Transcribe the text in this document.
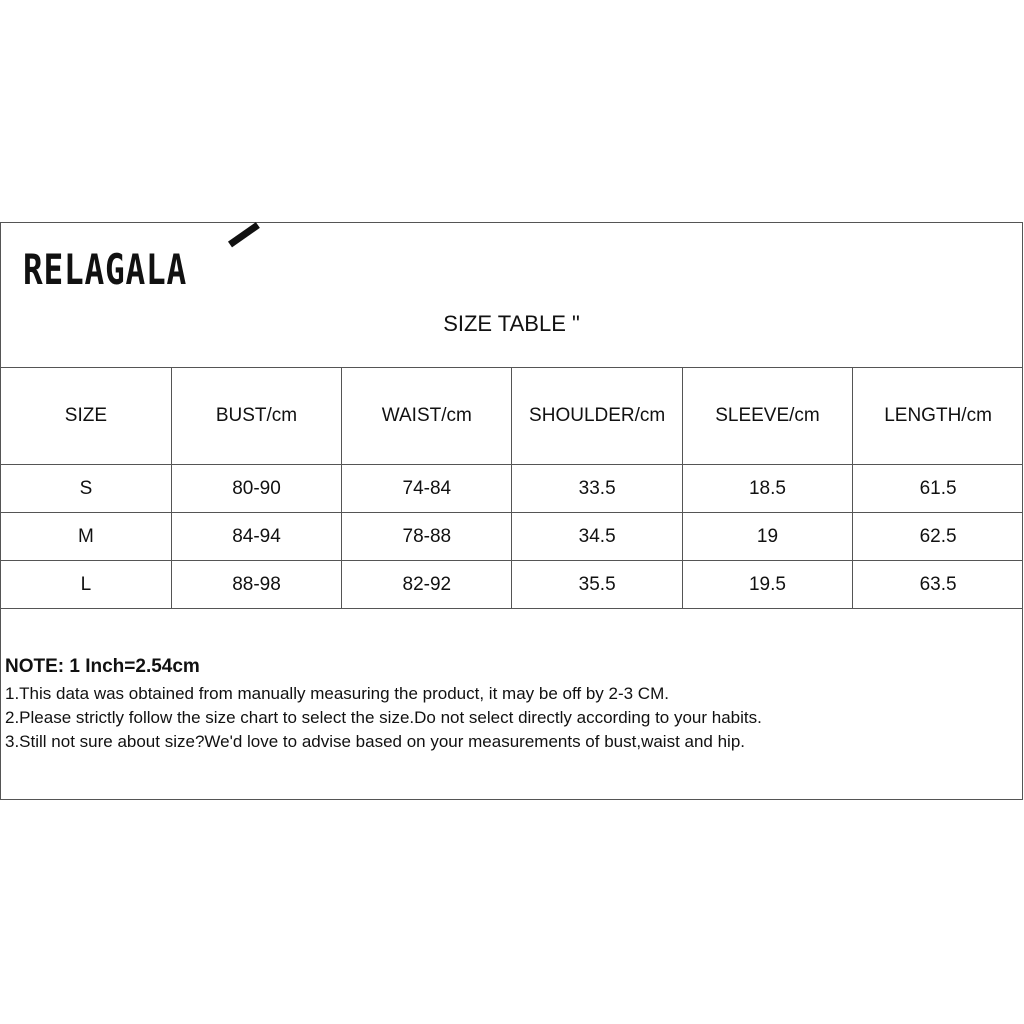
RELAGALA
SIZE TABLE "
SIZE	BUST/cm	WAIST/cm	SHOULDER/cm	SLEEVE/cm	LENGTH/cm
S	80-90	74-84	33.5	18.5	61.5
M	84-94	78-88	34.5	19	62.5
L	88-98	82-92	35.5	19.5	63.5

NOTE: 1 Inch=2.54cm

1.This data was obtained from manually measuring the product, it may be off by 2-3 CM.

2.Please strictly follow the size chart to select the size.Do not select directly according to your habits.

3.Still not sure about size?We'd love to advise based on your measurements of bust,waist and hip.
